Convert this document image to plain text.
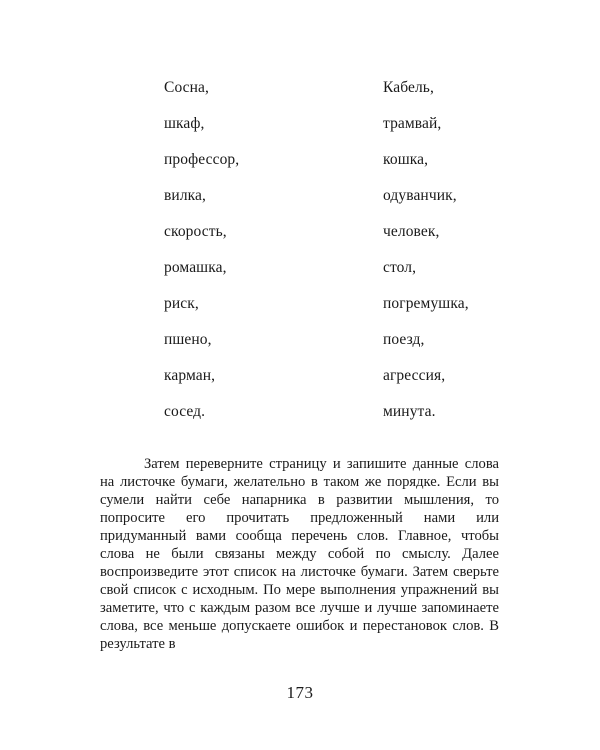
Сосна,
шкаф,
профессор,
вилка,
скорость,
ромашка,
риск,
пшено,
карман,
сосед.
Кабель,
трамвай,
кошка,
одуванчик,
человек,
стол,
погремушка,
поезд,
агрессия,
минута.

Затем переверните страницу и запишите данные слова на листочке бумаги, желательно в таком же порядке. Если вы сумели найти себе напарника в развитии мышления, то попросите его прочитать предложенный нами или придуманный вами сообща перечень слов. Главное, чтобы слова не были связаны между собой по смыслу. Далее воспроизведите этот список на листочке бумаги. Затем сверьте свой список с исходным. По мере выполнения упражнений вы заметите, что с каждым разом все лучше и лучше запоминаете слова, все меньше допускаете ошибок и перестановок слов. В результате в

173
